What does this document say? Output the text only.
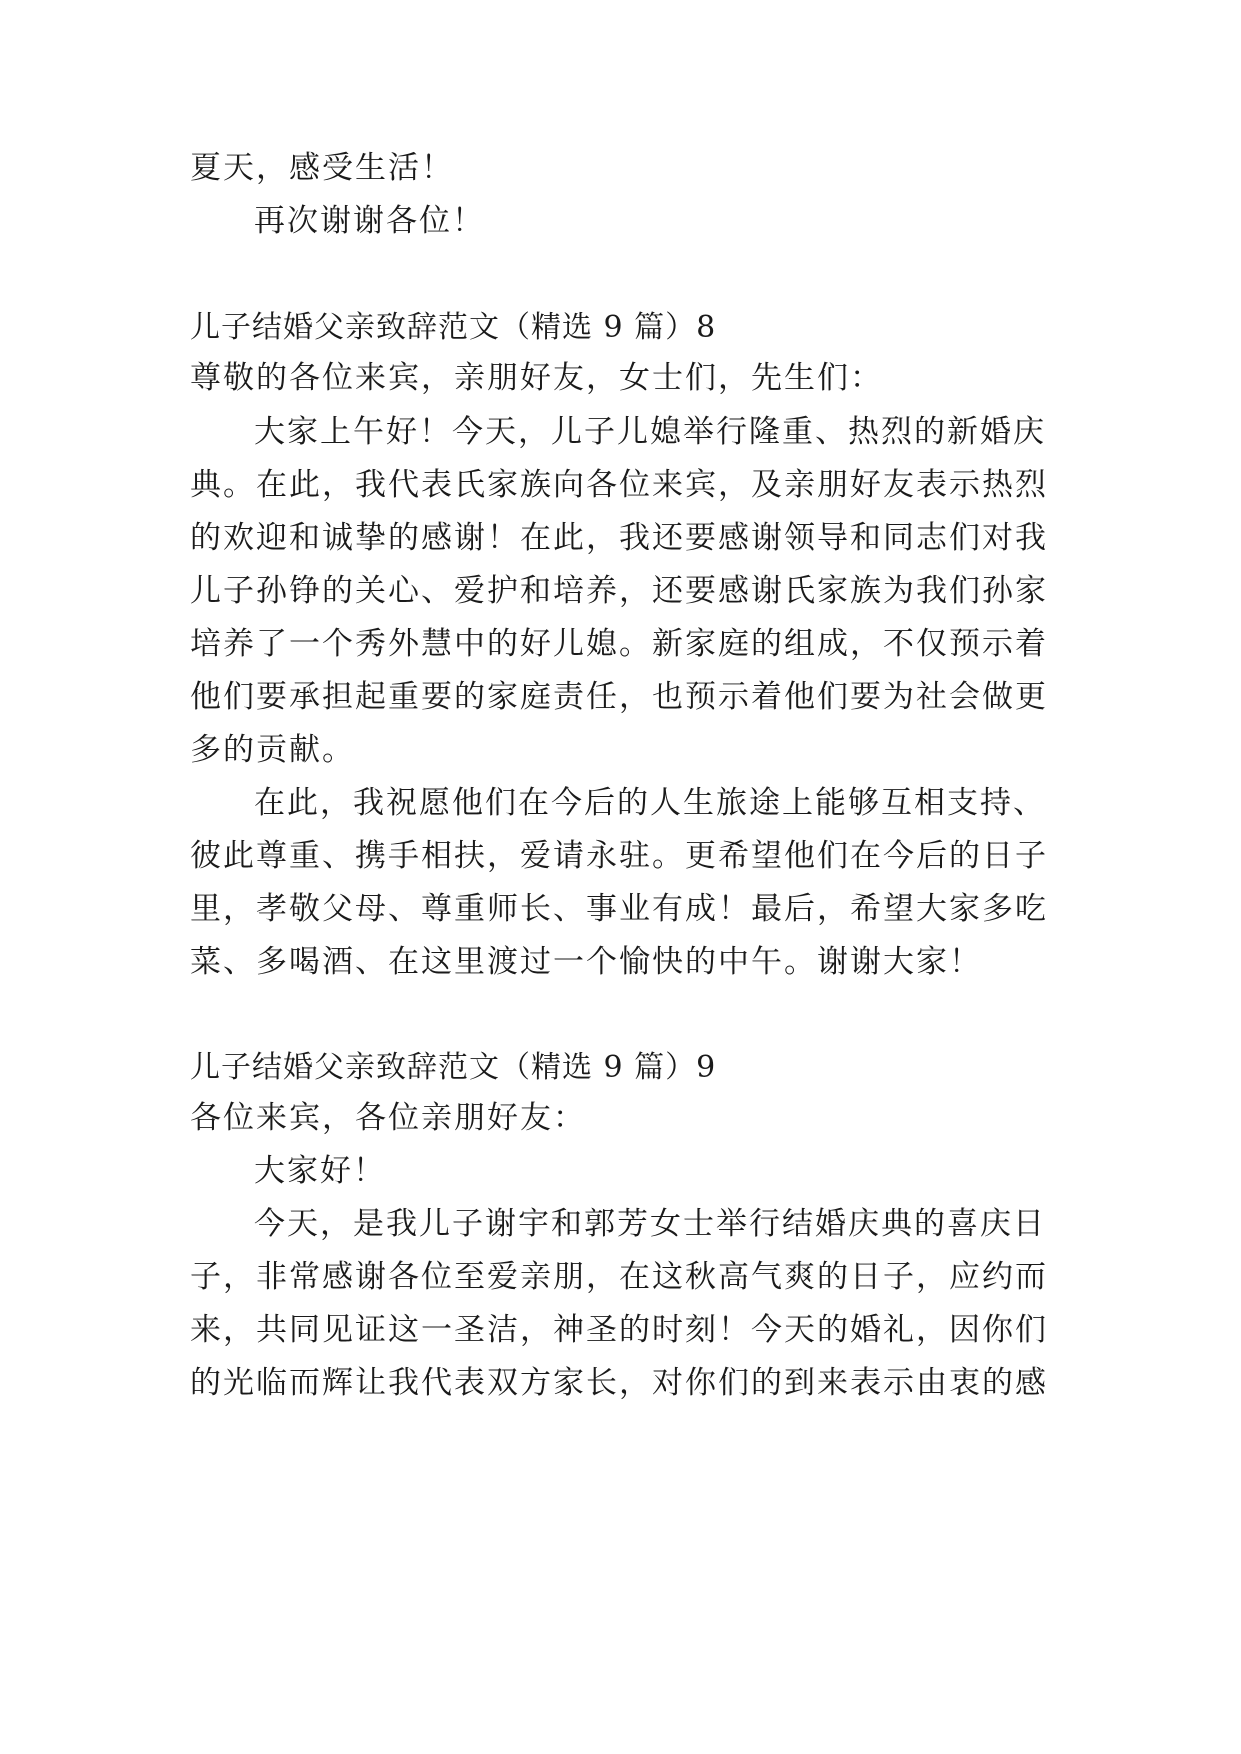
夏天，感受生活！
再次谢谢各位！
儿子结婚父亲致辞范文（精选 9 篇）8
尊敬的各位来宾，亲朋好友，女士们，先生们：
大家上午好！今天，儿子儿媳举行隆重、热烈的新婚庆
典。在此，我代表氏家族向各位来宾，及亲朋好友表示热烈
的欢迎和诚挚的感谢！在此，我还要感谢领导和同志们对我
儿子孙铮的关心、爱护和培养，还要感谢氏家族为我们孙家
培养了一个秀外慧中的好儿媳。新家庭的组成，不仅预示着
他们要承担起重要的家庭责任，也预示着他们要为社会做更
多的贡献。
在此，我祝愿他们在今后的人生旅途上能够互相支持、
彼此尊重、携手相扶，爱请永驻。更希望他们在今后的日子
里，孝敬父母、尊重师长、事业有成！最后，希望大家多吃
菜、多喝酒、在这里渡过一个愉快的中午。谢谢大家！
儿子结婚父亲致辞范文（精选 9 篇）9
各位来宾，各位亲朋好友：
大家好！
今天，是我儿子谢宇和郭芳女士举行结婚庆典的喜庆日
子，非常感谢各位至爱亲朋，在这秋高气爽的日子，应约而
来，共同见证这一圣洁，神圣的时刻！今天的婚礼，因你们
的光临而辉让我代表双方家长，对你们的到来表示由衷的感
